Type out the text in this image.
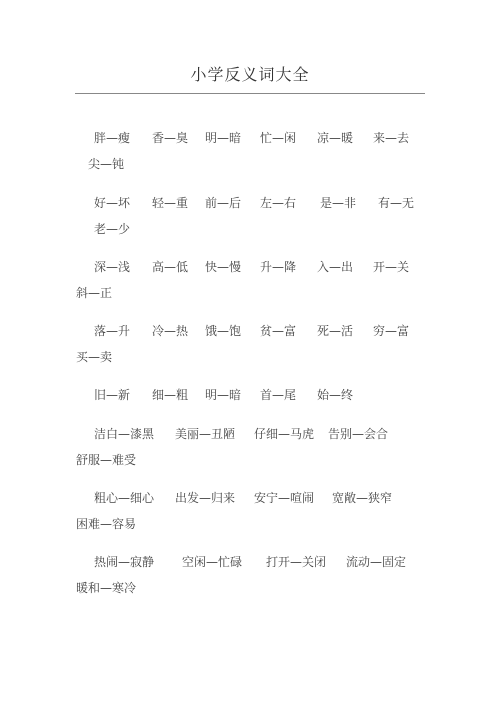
小学反义词大全
胖—瘦 香—臭 明—暗 忙—闲 凉—暖 来—去
尖—钝
好—坏 轻—重 前—后 左—右 是—非 有—无
老—少
深—浅 高—低 快—慢 升—降 入—出 开—关
斜—正
落—升 冷—热 饿—饱 贫—富 死—活 穷—富
买—卖
旧—新 细—粗 明—暗 首—尾 始—终
洁白—漆黑 美丽—丑陋 仔细—马虎 告别—会合
舒服—难受
粗心—细心 出发—归来 安宁—喧闹 宽敞—狭窄
困难—容易
热闹—寂静 空闲—忙碌 打开—关闭 流动—固定
暖和—寒冷
